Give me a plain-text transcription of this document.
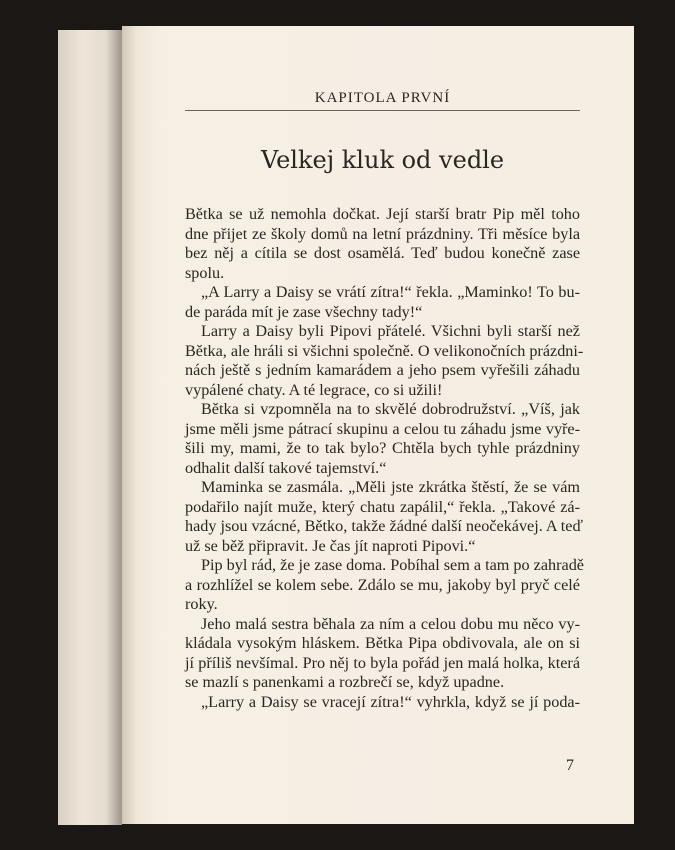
KAPITOLA PRVNÍ
Velkej kluk od vedle
Bětka se už nemohla dočkat. Její starší bratr Pip měl toho
dne přijet ze školy domů na letní prázdniny. Tři měsíce byla
bez něj a cítila se dost osamělá. Teď budou konečně zase
spolu.
„A Larry a Daisy se vrátí zítra!“ řekla. „Maminko! To bu-
de paráda mít je zase všechny tady!“
Larry a Daisy byli Pipovi přátelé. Všichni byli starší než
Bětka, ale hráli si všichni společně. O velikonočních prázdni-
nách ještě s jedním kamarádem a jeho psem vyřešili záhadu
vypálené chaty. A té legrace, co si užili!
Bětka si vzpomněla na to skvělé dobrodružství. „Víš, jak
jsme měli jsme pátrací skupinu a celou tu záhadu jsme vyře-
šili my, mami, že to tak bylo? Chtěla bych tyhle prázdniny
odhalit další takové tajemství.“
Maminka se zasmála. „Měli jste zkrátka štěstí, že se vám
podařilo najít muže, který chatu zapálil,“ řekla. „Takové zá-
hady jsou vzácné, Bětko, takže žádné další neočekávej. A teď
už se běž připravit. Je čas jít naproti Pipovi.“
Pip byl rád, že je zase doma. Pobíhal sem a tam po zahradě
a rozhlížel se kolem sebe. Zdálo se mu, jakoby byl pryč celé
roky.
Jeho malá sestra běhala za ním a celou dobu mu něco vy-
kládala vysokým hláskem. Bětka Pipa obdivovala, ale on si
jí příliš nevšímal. Pro něj to byla pořád jen malá holka, která
se mazlí s panenkami a rozbrečí se, když upadne.
„Larry a Daisy se vracejí zítra!“ vyhrkla, když se jí poda-
7
